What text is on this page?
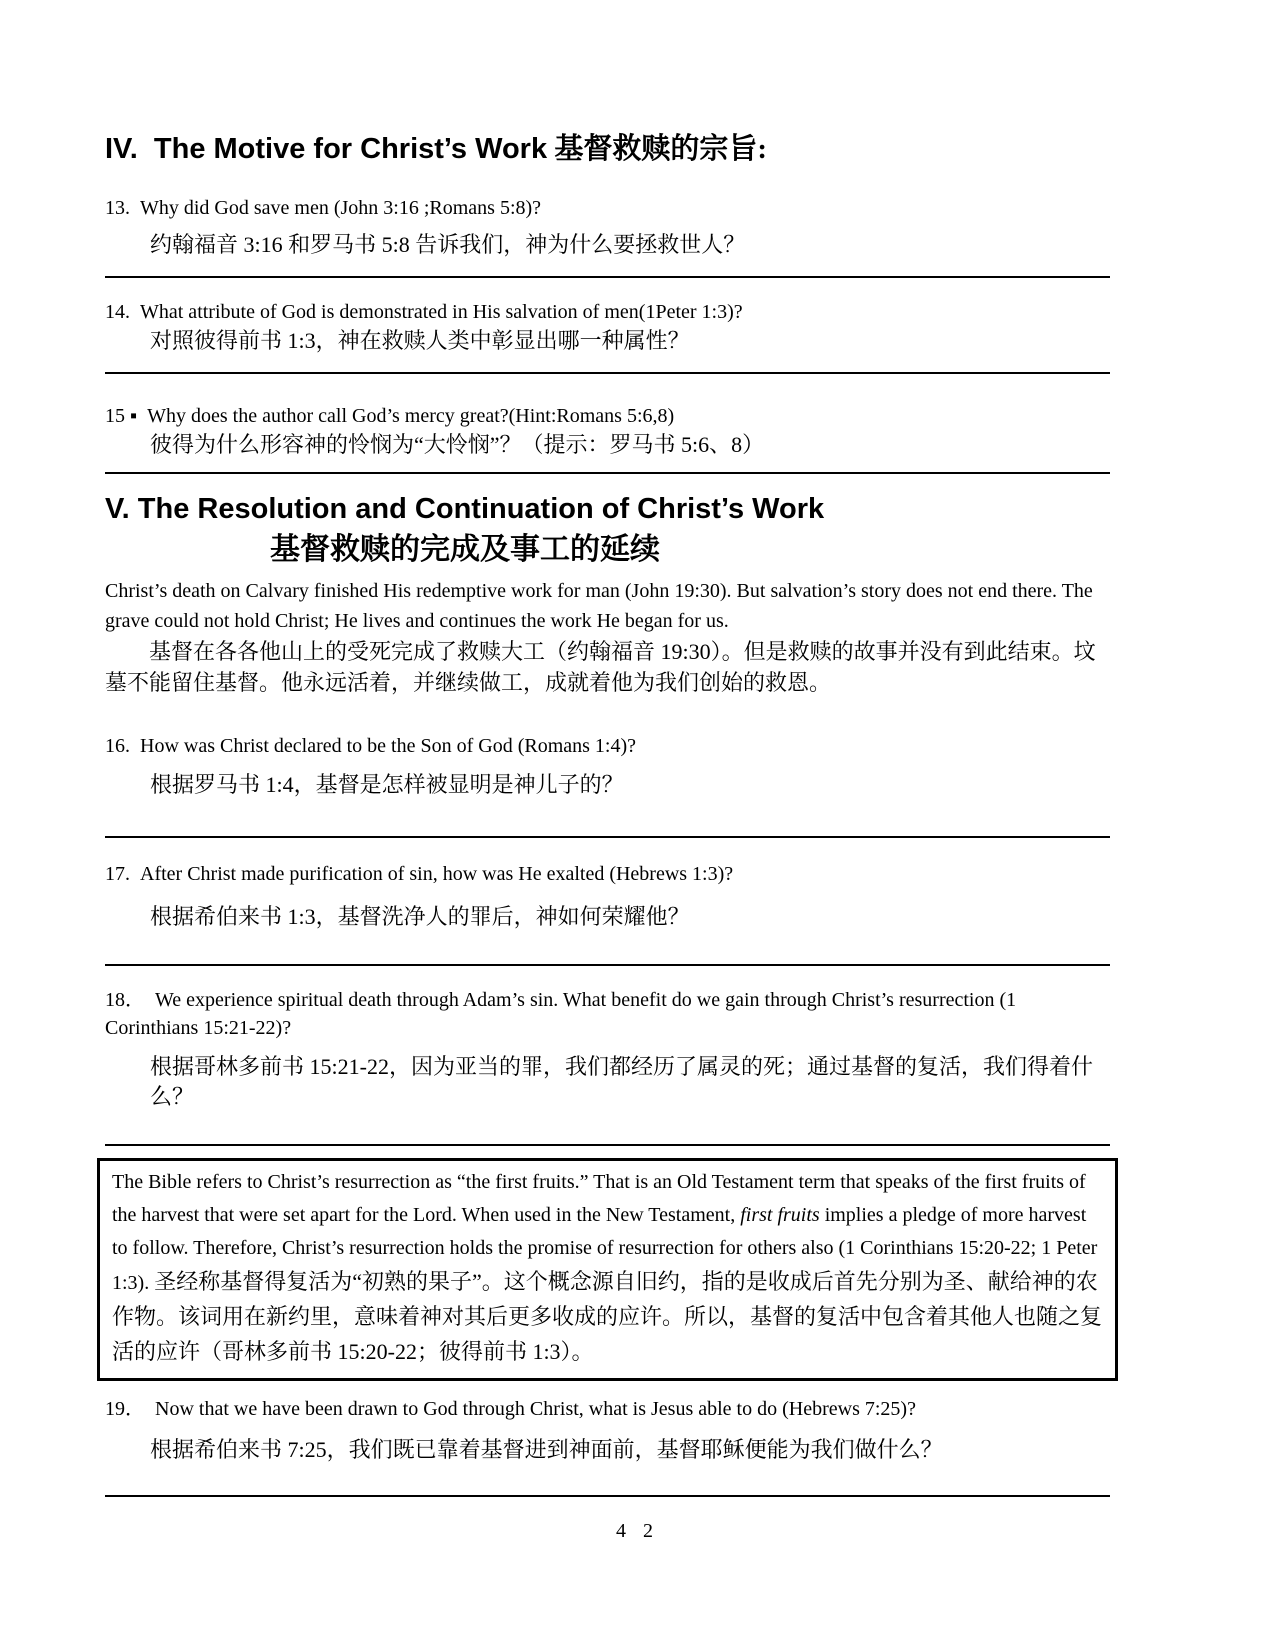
IV.  The Motive for Christ’s Work 基督救赎的宗旨:

13. Why did God save men (John 3:16 ;Romans 5:8)?

约翰福音 3:16 和罗马书 5:8 告诉我们，神为什么要拯救世人？

14. What attribute of God is demonstrated in His salvation of men(1Peter 1:3)?

对照彼得前书 1:3，神在救赎人类中彰显出哪一种属性？

15 ▪ Why does the author call God’s mercy great?(Hint:Romans 5:6,8)

彼得为什么形容神的怜悯为“大怜悯”？（提示：罗马书 5:6、8）

V. The Resolution and Continuation of Christ’s Work
基督救赎的完成及事工的延续

Christ’s death on Calvary finished His redemptive work for man (John 19:30). But salvation’s story does not end there. The grave could not hold Christ; He lives and continues the work He began for us.

基督在各各他山上的受死完成了救赎大工（约翰福音 19:30）。但是救赎的故事并没有到此结束。坟墓不能留住基督。他永远活着，并继续做工，成就着他为我们创始的救恩。

16. How was Christ declared to be the Son of God (Romans 1:4)?

根据罗马书 1:4，基督是怎样被显明是神儿子的？

17. After Christ made purification of sin, how was He exalted (Hebrews 1:3)?

根据希伯来书 1:3，基督洗净人的罪后，神如何荣耀他？

18． We experience spiritual death through Adam’s sin. What benefit do we gain through Christ’s resurrection (1 Corinthians 15:21-22)?

根据哥林多前书 15:21-22，因为亚当的罪，我们都经历了属灵的死；通过基督的复活，我们得着什么？

The Bible refers to Christ’s resurrection as “the first fruits.” That is an Old Testament term that speaks of the first fruits of the harvest that were set apart for the Lord. When used in the New Testament, first fruits implies a pledge of more harvest to follow. Therefore, Christ’s resurrection holds the promise of resurrection for others also (1 Corinthians 15:20-22; 1 Peter 1:3). 圣经称基督得复活为“初熟的果子”。这个概念源自旧约，指的是收成后首先分别为圣、献给神的农作物。该词用在新约里，意味着神对其后更多收成的应许。所以，基督的复活中包含着其他人也随之复活的应许（哥林多前书 15:20-22；彼得前书 1:3）。

19． Now that we have been drawn to God through Christ, what is Jesus able to do (Hebrews 7:25)?

根据希伯来书 7:25，我们既已靠着基督进到神面前，基督耶稣便能为我们做什么？

4 2
